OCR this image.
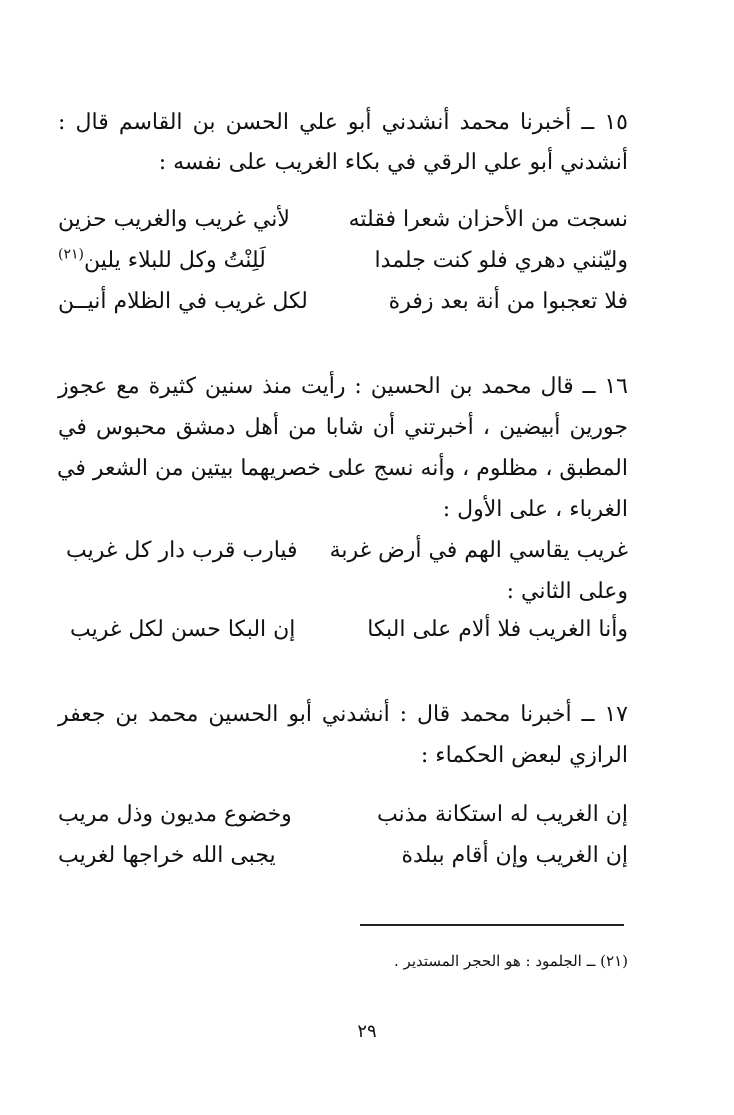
١٥ ــ أخبرنا محمد أنشدني أبو علي الحسن بن القاسم قال :
أنشدني أبو علي الرقي في بكاء الغريب على نفسه :
نسجت من الأحزان شعرا فقلته
لأني غريب والغريب حزين
وليّنني دهري فلو كنت جلمدا
لَلِنْتُ وكل للبلاء يلين$^{(٢١)}$
فلا تعجبوا من أنة بعد زفرة
لكل غريب في الظلام أنيــن
١٦ ــ قال محمد بن الحسين : رأيت منذ سنين كثيرة مع عجوز
جورين أبيضين ، أخبرتني أن شابا من أهل دمشق محبوس في
المطبق ، مظلوم ، وأنه نسج على خصريهما بيتين من الشعر في
الغرباء ، على الأول :
غريب يقاسي الهم في أرض غربة
فيارب قرب دار كل غريب
وعلى الثاني :
وأنا الغريب فلا ألام على البكا
إن البكا حسن لكل غريب
١٧ ــ أخبرنا محمد قال : أنشدني أبو الحسين محمد بن جعفر
الرازي لبعض الحكماء :
إن الغريب له استكانة مذنب
وخضوع مديون وذل مريب
إن الغريب وإن أقام ببلدة
يجبى الله خراجها لغريب
(٢١) ــ الجلمود : هو الحجر المستدير .
٢٩
